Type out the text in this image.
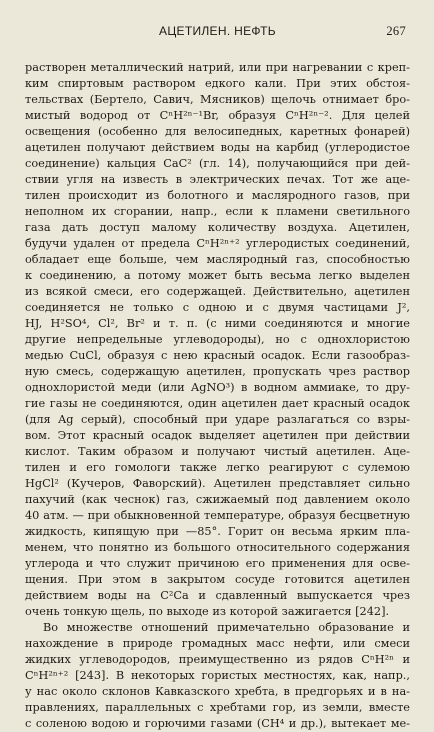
АЦЕТИЛЕН. НЕФТЬ	267
растворен металлический натрий, или при нагревании с креп-
ким спиртовым раствором едкого кали. При этих обстоя-
тельствах (Бертело, Савич, Мясников) щелочь отнимает бро-
мистый водород от CⁿH²ⁿ⁻¹Br, образуя CⁿH²ⁿ⁻². Для целей
освещения (особенно для велосипедных, каретных фонарей)
ацетилен получают действием воды на карбид (углеродистое
соединение) кальция CaC² (гл. 14), получающийся при дей-
ствии угля на известь в электрических печах. Тот же аце-
тилен происходит из болотного и масляродного газов, при
неполном их сгорании, напр., если к пламени светильного
газа дать доступ малому количеству воздуха. Ацетилен,
будучи удален от предела CⁿH²ⁿ⁺² углеродистых соединений,
обладает еще больше, чем масляродный газ, способностью
к соединению, а потому может быть весьма легко выделен
из всякой смеси, его содержащей. Действительно, ацетилен
соединяется не только с одною и с двумя частицами J²,
HJ, H²SO⁴, Cl², Br² и т. п. (с ними соединяются и многие
другие непредельные углеводороды), но с однохлористою
медью CuCl, образуя с нею красный осадок. Если газообраз-
ную смесь, содержащую ацетилен, пропускать чрез раствор
однохлористой меди (или AgNO³) в водном аммиаке, то дру-
гие газы не соединяются, один ацетилен дает красный осадок
(для Ag серый), способный при ударе разлагаться со взры-
вом. Этот красный осадок выделяет ацетилен при действии
кислот. Таким образом и получают чистый ацетилен. Аце-
тилен и его гомологи также легко реагируют с сулемою
HgCl² (Кучеров, Фаворский). Ацетилен представляет сильно
пахучий (как чеснок) газ, сжижаемый под давлением около
40 атм. — при обыкновенной температуре, образуя бесцветную
жидкость, кипящую при —85°. Горит он весьма ярким пла-
менем, что понятно из большого относительного содержания
углерода и что служит причиною его применения для осве-
щения. При этом в закрытом сосуде готовится ацетилен
действием воды на C²Ca и сдавленный выпускается чрез
очень тонкую щель, по выходе из которой зажигается [242].
Во множестве отношений примечательно образование и
нахождение в природе громадных масс нефти, или смеси
жидких углеводородов, преимущественно из рядов CⁿH²ⁿ и
CⁿH²ⁿ⁺² [243]. В некоторых гористых местностях, как, напр.,
у нас около склонов Кавказского хребта, в предгорьях и в на-
правлениях, параллельных с хребтами гор, из земли, вместе
с соленою водою и горючими газами (CH⁴ и др.), вытекает ме-
